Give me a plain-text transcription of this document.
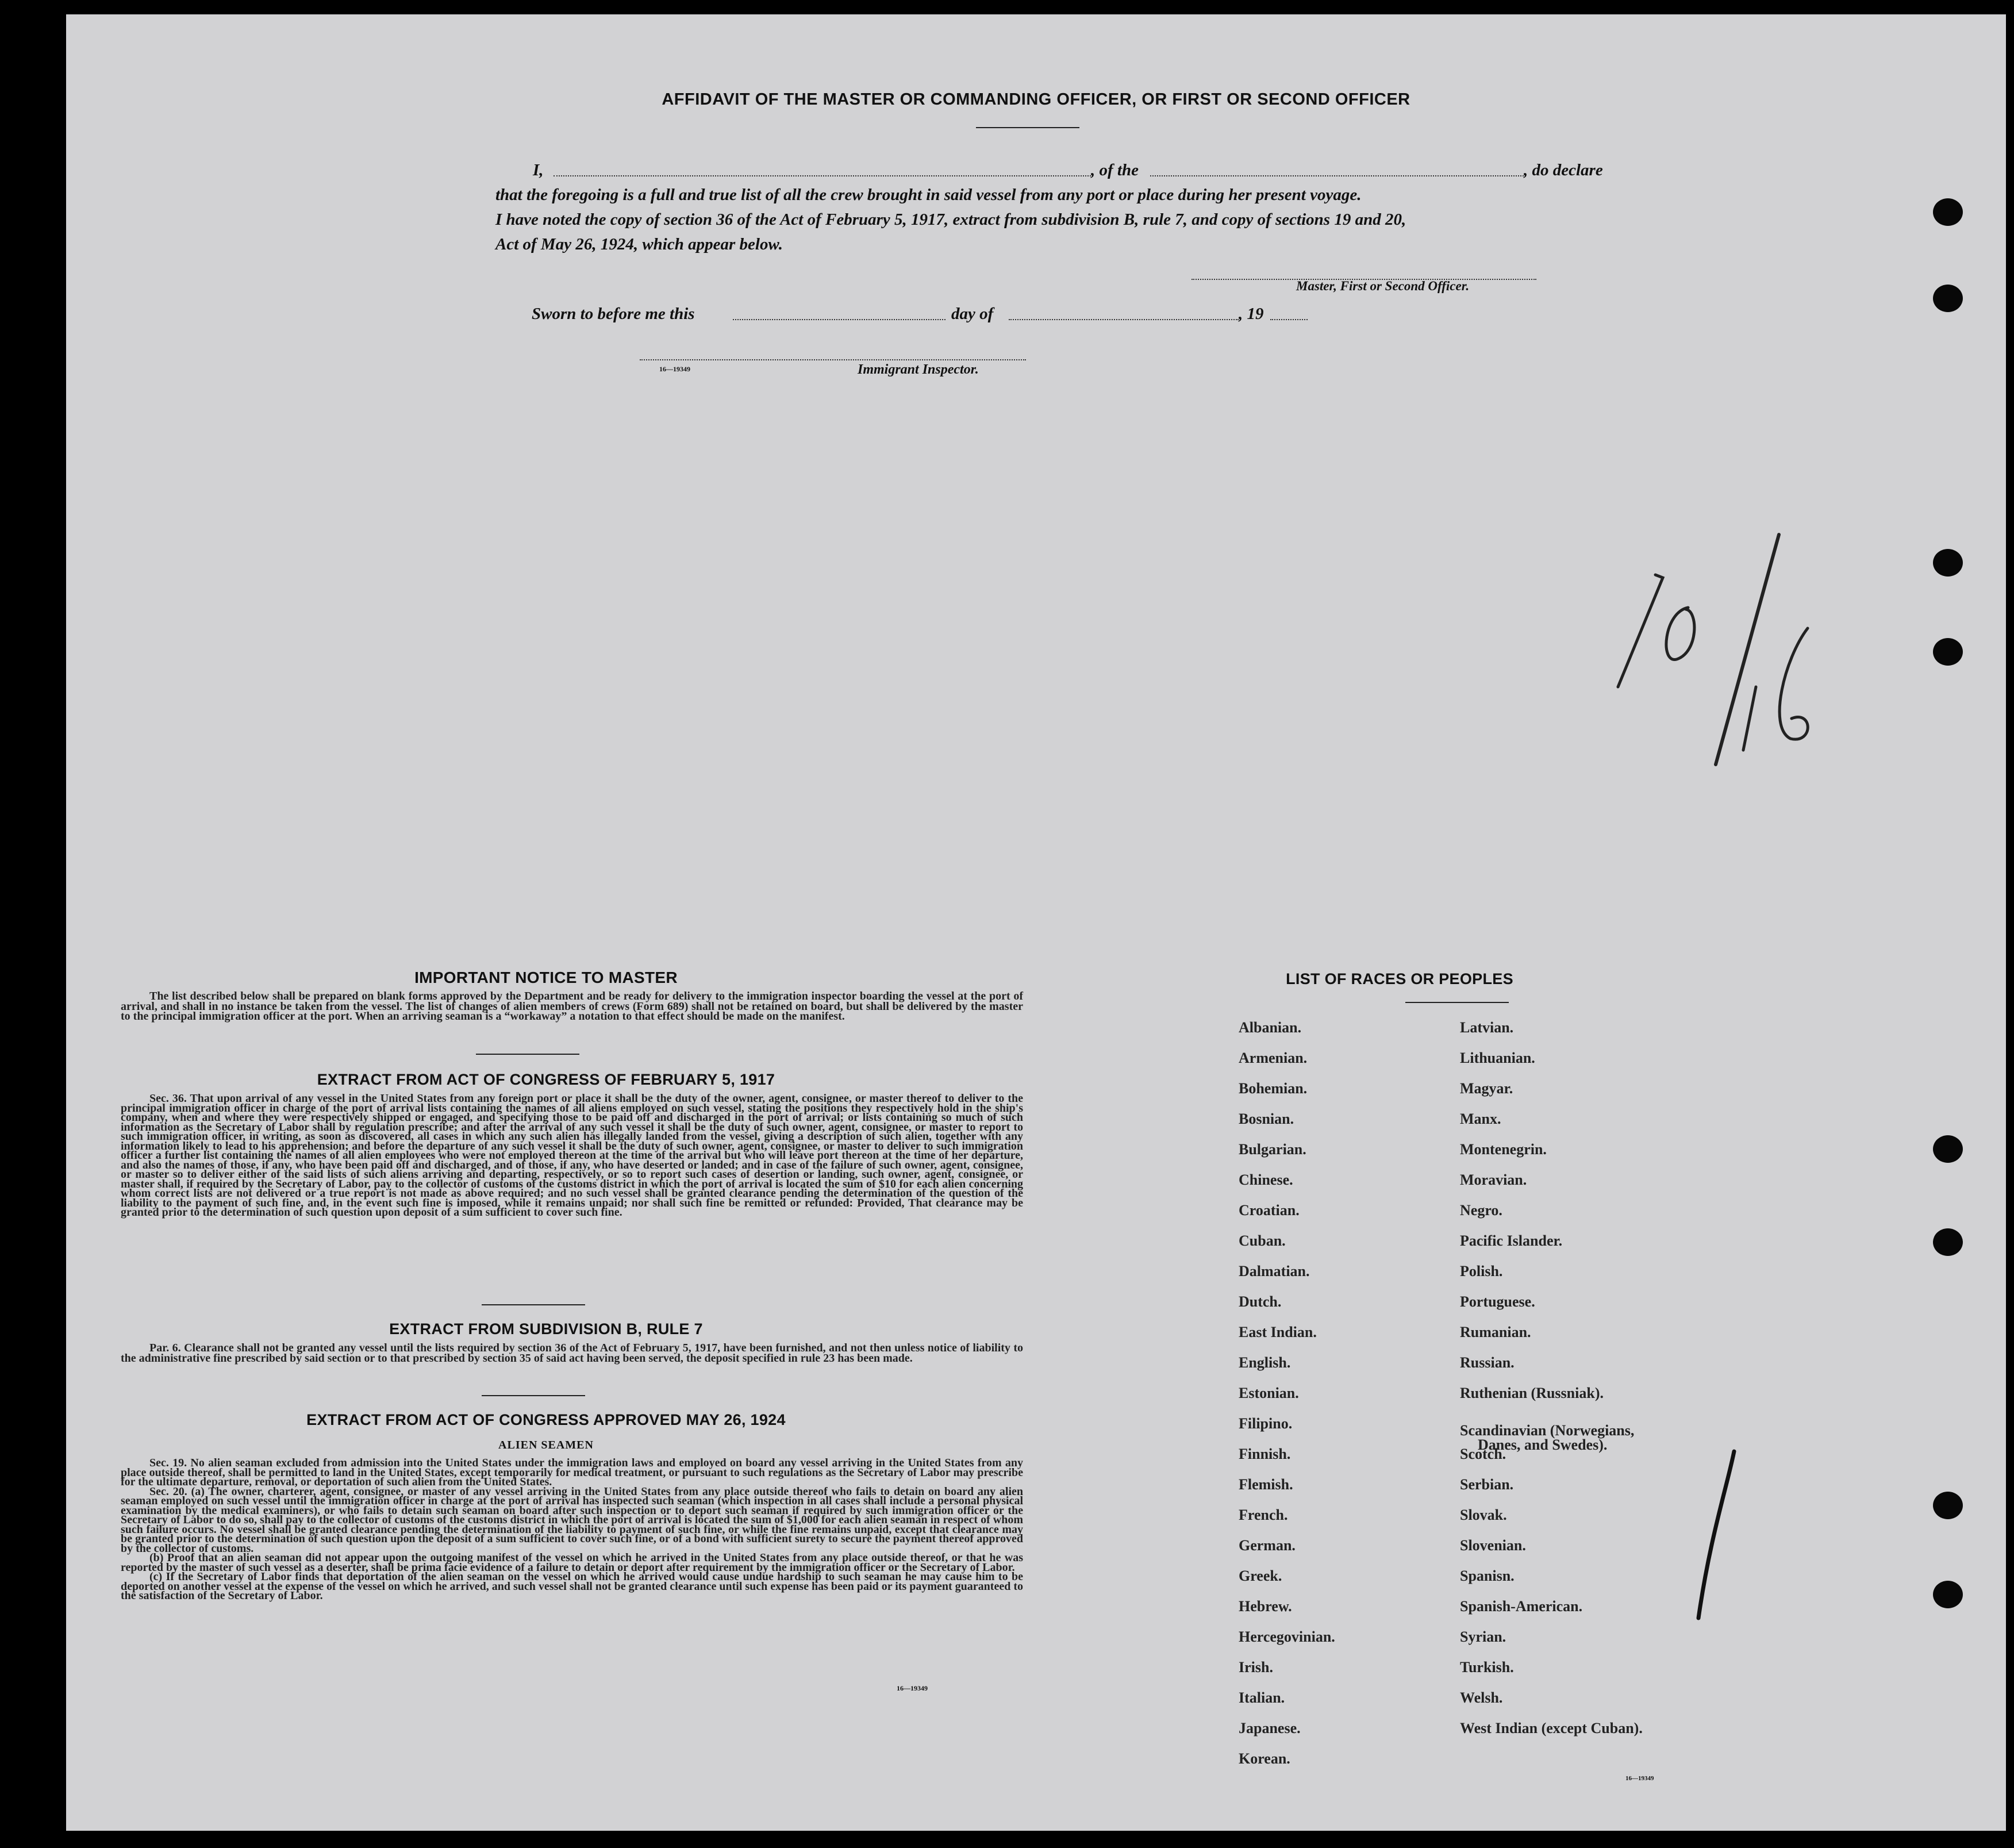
AFFIDAVIT OF THE MASTER OR COMMANDING OFFICER, OR FIRST OR SECOND OFFICER
I,	, of the	, do declare
that the foregoing is a full and true list of all the crew brought in said vessel from any port or place during her present voyage.
I have noted the copy of section 36 of the Act of February 5, 1917, extract from subdivision B, rule 7, and copy of sections 19 and 20,
Act of May 26, 1924, which appear below.
Master, First or Second Officer.
Sworn to before me this	day of	, 19
16—19349	Immigrant Inspector.
IMPORTANT NOTICE TO MASTER
The list described below shall be prepared on blank forms approved by the Department and be ready for delivery to the immigration inspector boarding the vessel at the port of arrival, and shall in no instance be taken from the vessel. The list of changes of alien members of crews (Form 689) shall not be retained on board, but shall be delivered by the master to the principal immigration officer at the port. When an arriving seaman is a “workaway” a notation to that effect should be made on the manifest.
EXTRACT FROM ACT OF CONGRESS OF FEBRUARY 5, 1917
Sec. 36. That upon arrival of any vessel in the United States from any foreign port or place it shall be the duty of the owner, agent, consignee, or master thereof to deliver to the principal immigration officer in charge of the port of arrival lists containing the names of all aliens employed on such vessel, stating the positions they respectively hold in the ship's company, when and where they were respectively shipped or engaged, and specifying those to be paid off and discharged in the port of arrival; or lists containing so much of such information as the Secretary of Labor shall by regulation prescribe; and after the arrival of any such vessel it shall be the duty of such owner, agent, consignee, or master to report to such immigration officer, in writing, as soon as discovered, all cases in which any such alien has illegally landed from the vessel, giving a description of such alien, together with any information likely to lead to his apprehension; and before the departure of any such vessel it shall be the duty of such owner, agent, consignee, or master to deliver to such immigration officer a further list containing the names of all alien employees who were not employed thereon at the time of the arrival but who will leave port thereon at the time of her departure, and also the names of those, if any, who have been paid off and discharged, and of those, if any, who have deserted or landed; and in case of the failure of such owner, agent, consignee, or master so to deliver either of the said lists of such aliens arriving and departing, respectively, or so to report such cases of desertion or landing, such owner, agent, consignee, or master shall, if required by the Secretary of Labor, pay to the collector of customs of the customs district in which the port of arrival is located the sum of $10 for each alien concerning whom correct lists are not delivered or a true report is not made as above required; and no such vessel shall be granted clearance pending the determination of the question of the liability to the payment of such fine, and, in the event such fine is imposed, while it remains unpaid; nor shall such fine be remitted or refunded: Provided, That clearance may be granted prior to the determination of such question upon deposit of a sum sufficient to cover such fine.
EXTRACT FROM SUBDIVISION B, RULE 7
Par. 6. Clearance shall not be granted any vessel until the lists required by section 36 of the Act of February 5, 1917, have been furnished, and not then unless notice of liability to the administrative fine prescribed by said section or to that prescribed by section 35 of said act having been served, the deposit specified in rule 23 has been made.
EXTRACT FROM ACT OF CONGRESS APPROVED MAY 26, 1924
ALIEN SEAMEN
Sec. 19. No alien seaman excluded from admission into the United States under the immigration laws and employed on board any vessel arriving in the United States from any place outside thereof, shall be permitted to land in the United States, except temporarily for medical treatment, or pursuant to such regulations as the Secretary of Labor may prescribe for the ultimate departure, removal, or deportation of such alien from the United States.
Sec. 20. (a) The owner, charterer, agent, consignee, or master of any vessel arriving in the United States from any place outside thereof who fails to detain on board any alien seaman employed on such vessel until the immigration officer in charge at the port of arrival has inspected such seaman (which inspection in all cases shall include a personal physical examination by the medical examiners), or who fails to detain such seaman on board after such inspection or to deport such seaman if required by such immigration officer or the Secretary of Labor to do so, shall pay to the collector of customs of the customs district in which the port of arrival is located the sum of $1,000 for each alien seaman in respect of whom such failure occurs. No vessel shall be granted clearance pending the determination of the liability to payment of such fine, or while the fine remains unpaid, except that clearance may be granted prior to the determination of such question upon the deposit of a sum sufficient to cover such fine, or of a bond with sufficient surety to secure the payment thereof approved by the collector of customs.
(b) Proof that an alien seaman did not appear upon the outgoing manifest of the vessel on which he arrived in the United States from any place outside thereof, or that he was reported by the master of such vessel as a deserter, shall be prima facie evidence of a failure to detain or deport after requirement by the immigration officer or the Secretary of Labor.
(c) If the Secretary of Labor finds that deportation of the alien seaman on the vessel on which he arrived would cause undue hardship to such seaman he may cause him to be deported on another vessel at the expense of the vessel on which he arrived, and such vessel shall not be granted clearance until such expense has been paid or its payment guaranteed to the satisfaction of the Secretary of Labor.
16—19349
LIST OF RACES OR PEOPLES
Albanian.
Armenian.
Bohemian.
Bosnian.
Bulgarian.
Chinese.
Croatian.
Cuban.
Dalmatian.
Dutch.
East Indian.
English.
Estonian.
Filipino.
Finnish.
Flemish.
French.
German.
Greek.
Hebrew.
Hercegovinian.
Irish.
Italian.
Japanese.
Korean.
Latvian.
Lithuanian.
Magyar.
Manx.
Montenegrin.
Moravian.
Negro.
Pacific Islander.
Polish.
Portuguese.
Rumanian.
Russian.
Ruthenian (Russniak).
Scandinavian (Norwegians,
Danes, and Swedes).
Scotch.
Serbian.
Slovak.
Slovenian.
Spanisn.
Spanish-American.
Syrian.
Turkish.
Welsh.
West Indian (except Cuban).
16—19349
